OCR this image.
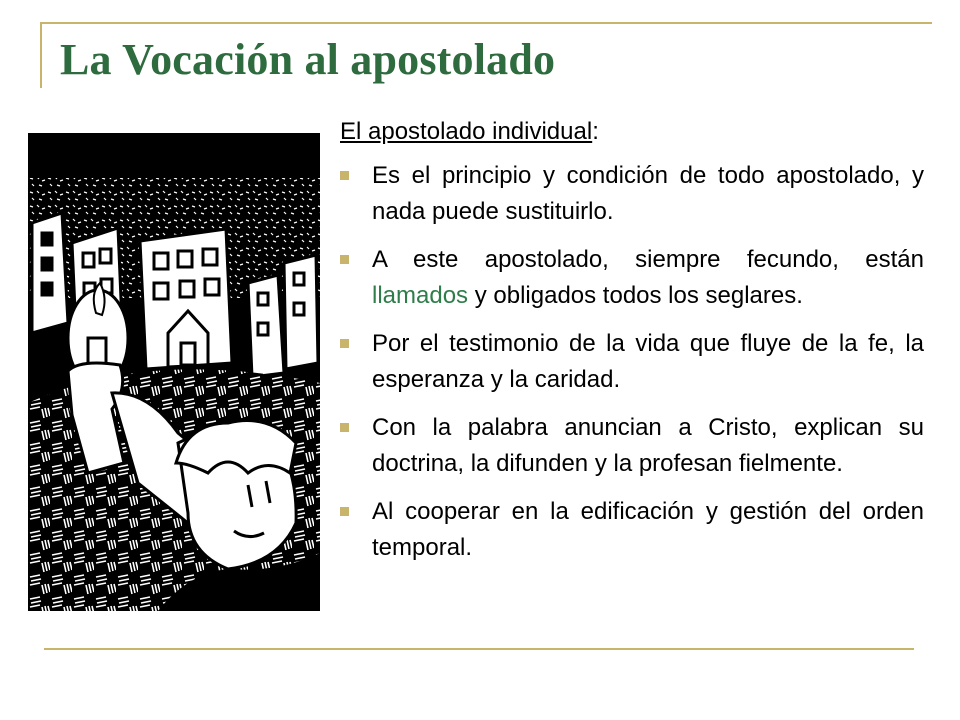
La Vocación al apostolado

El apostolado individual:

Es el principio y condición de todo apostolado, y nada puede sustituirlo.
A este apostolado, siempre fecundo, están llamados y obligados todos los seglares.
Por el testimonio de la vida que fluye de la fe, la esperanza y la caridad.
Con la palabra anuncian a Cristo, explican su doctrina, la difunden y la profesan fielmente.
Al cooperar en la edificación y gestión del orden temporal.
